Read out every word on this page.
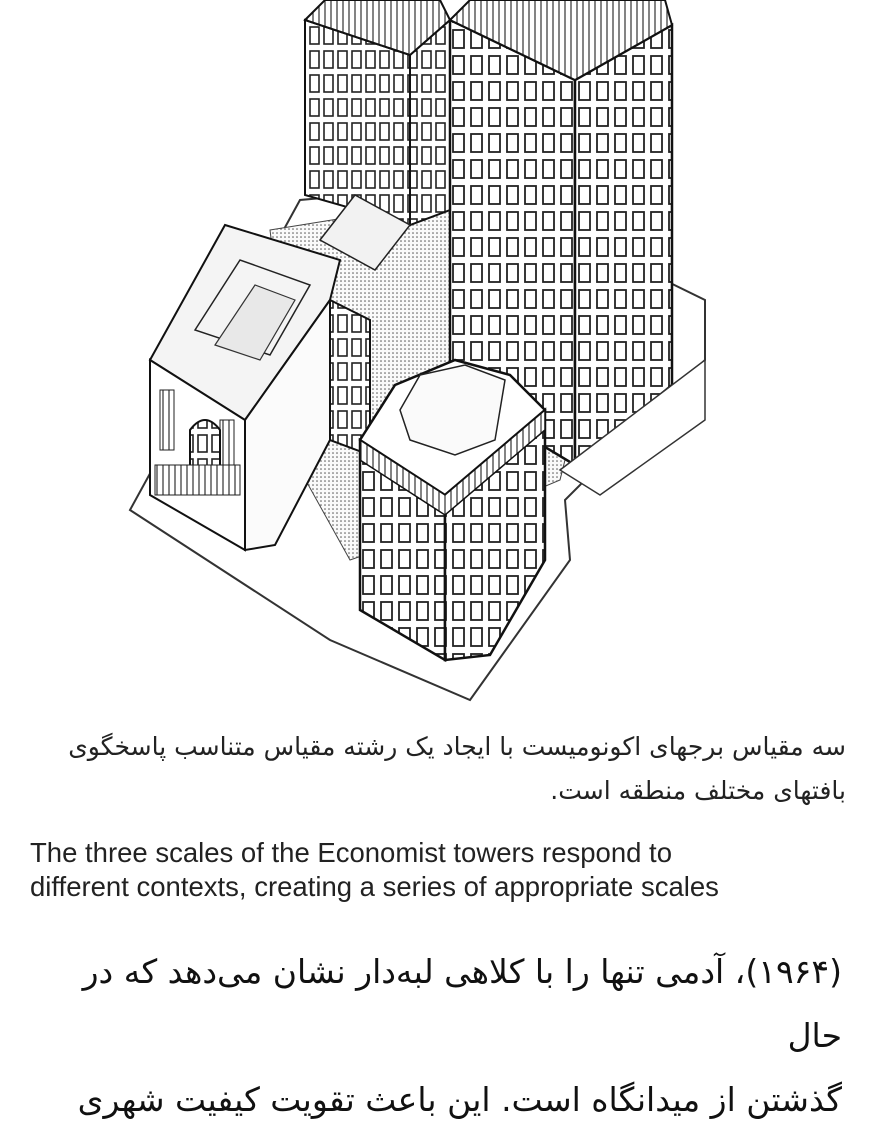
سه مقیاس برجهای اکونومیست با ایجاد یک رشته مقیاس متناسب پاسخگوی
بافتهای مختلف منطقه است.
The three scales of the Economist towers respond to
different contexts, creating a series of appropriate scales
(۱۹۶۴)، آدمی تنها را با کلاهی لبه‌دار نشان می‌دهد که در حال
گذشتن از میدانگاه است. این باعث تقویت کیفیت شهری
